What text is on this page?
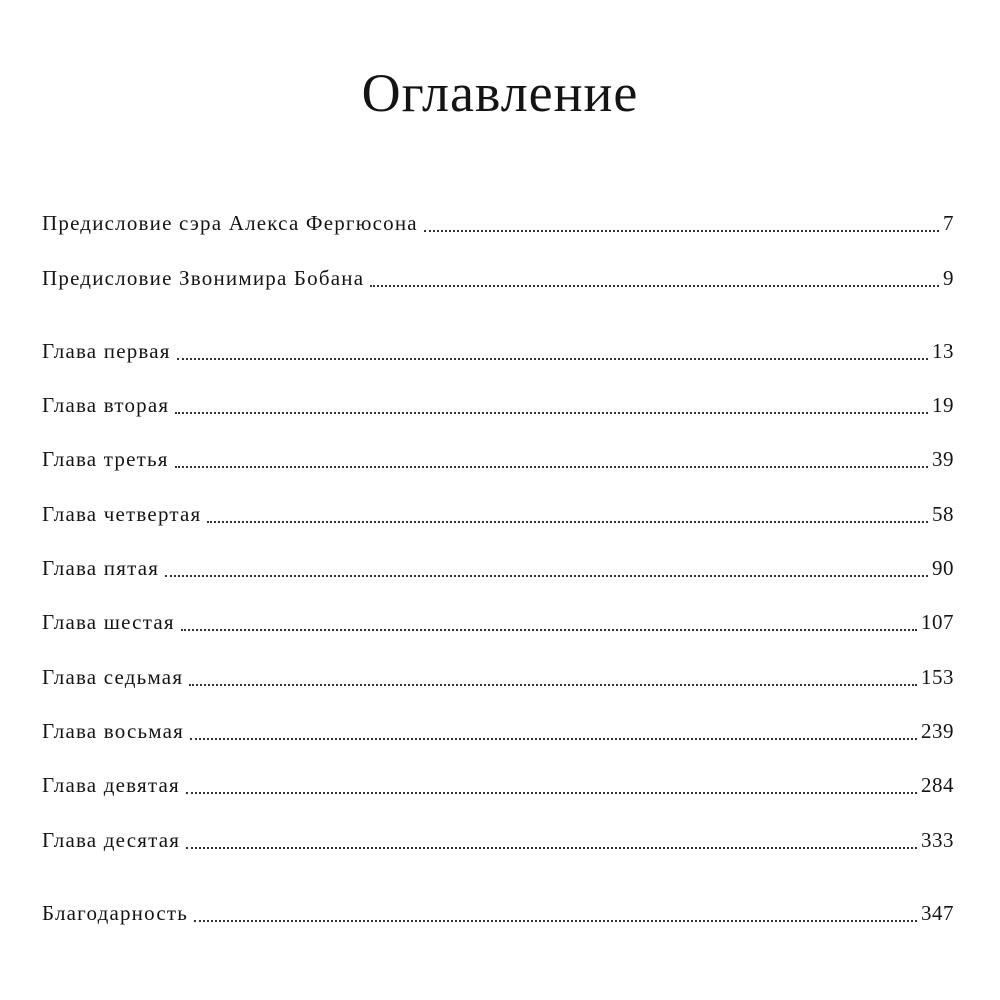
Оглавление
Предисловие сэра Алекса Фергюсона	7
Предисловие Звонимира Бобана	9
Глава первая	13
Глава вторая	19
Глава третья	39
Глава четвертая	58
Глава пятая	90
Глава шестая	107
Глава седьмая	153
Глава восьмая	239
Глава девятая	284
Глава десятая	333
Благодарность	347
